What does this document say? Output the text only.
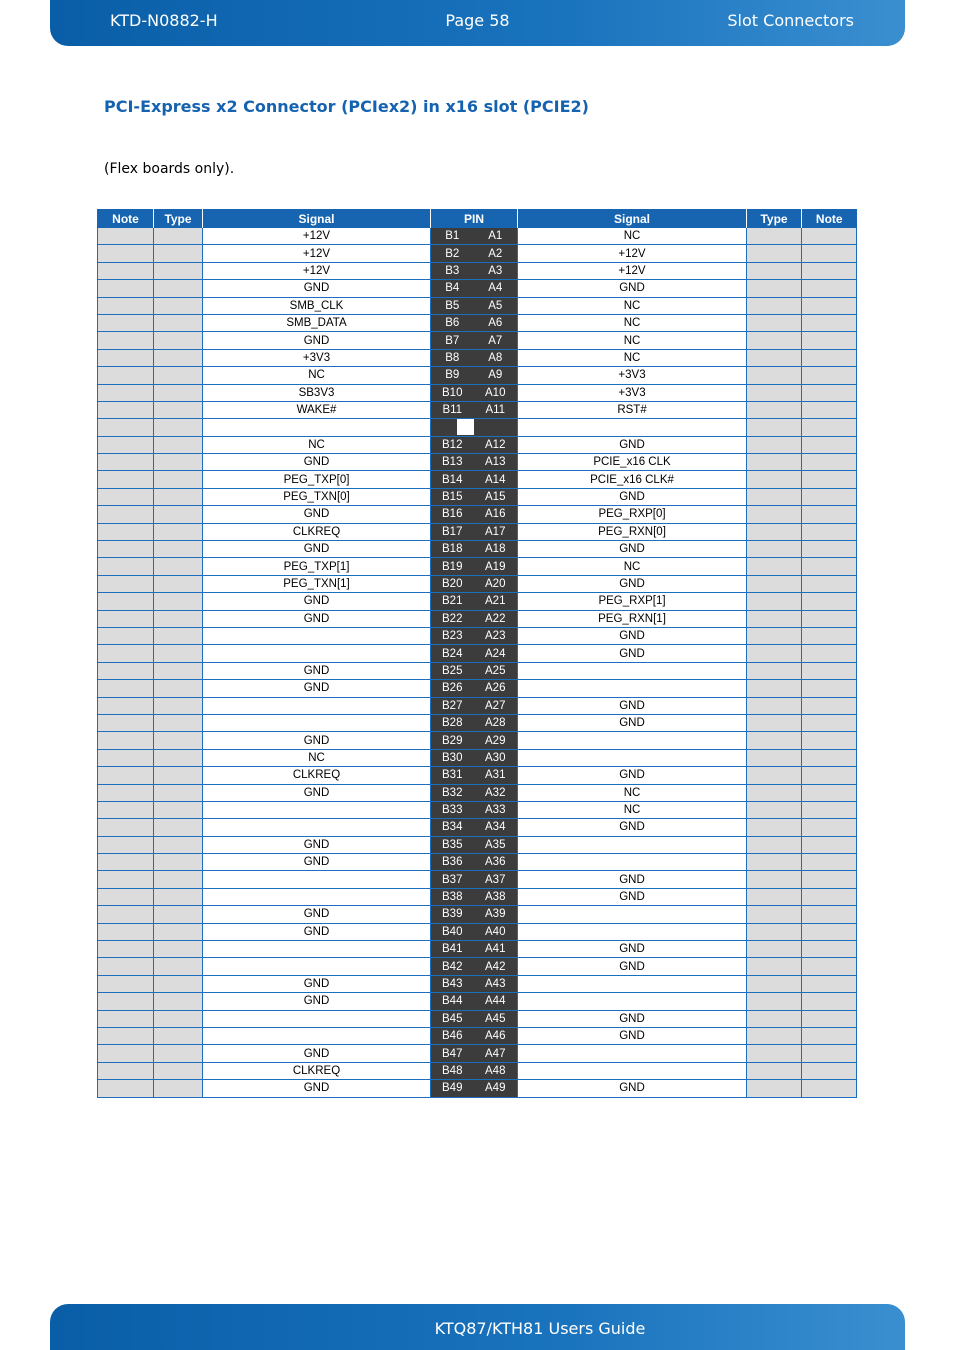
KTD-N0882-H	Page 58	Slot Connectors
PCI-Express x2 Connector (PCIex2) in x16 slot (PCIE2)

(Flex boards only).

Note	Type	Signal	PIN		Signal	Type	Note
		+12V	B1	A1	NC		
		+12V	B2	A2	+12V		
		+12V	B3	A3	+12V		
		GND	B4	A4	GND		
		SMB_CLK	B5	A5	NC		
		SMB_DATA	B6	A6	NC		
		GND	B7	A7	NC		
		+3V3	B8	A8	NC		
		NC	B9	A9	+3V3		
		SB3V3	B10	A10	+3V3		
		WAKE#	B11	A11	RST#		

		NC	B12	A12	GND		
		GND	B13	A13	PCIE_x16 CLK		
		PEG_TXP[0]	B14	A14	PCIE_x16 CLK#		
		PEG_TXN[0]	B15	A15	GND		
		GND	B16	A16	PEG_RXP[0]		
		CLKREQ	B17	A17	PEG_RXN[0]		
		GND	B18	A18	GND		
		PEG_TXP[1]	B19	A19	NC		
		PEG_TXN[1]	B20	A20	GND		
		GND	B21	A21	PEG_RXP[1]		
		GND	B22	A22	PEG_RXN[1]		
			B23	A23	GND		
			B24	A24	GND		
		GND	B25	A25			
		GND	B26	A26			
			B27	A27	GND		
			B28	A28	GND		
		GND	B29	A29			
		NC	B30	A30			
		CLKREQ	B31	A31	GND		
		GND	B32	A32	NC		
			B33	A33	NC		
			B34	A34	GND		
		GND	B35	A35			
		GND	B36	A36			
			B37	A37	GND		
			B38	A38	GND		
		GND	B39	A39			
		GND	B40	A40			
			B41	A41	GND		
			B42	A42	GND		
		GND	B43	A43			
		GND	B44	A44			
			B45	A45	GND		
			B46	A46	GND		
		GND	B47	A47			
		CLKREQ	B48	A48			
		GND	B49	A49	GND		
KTQ87/KTH81 Users Guide
